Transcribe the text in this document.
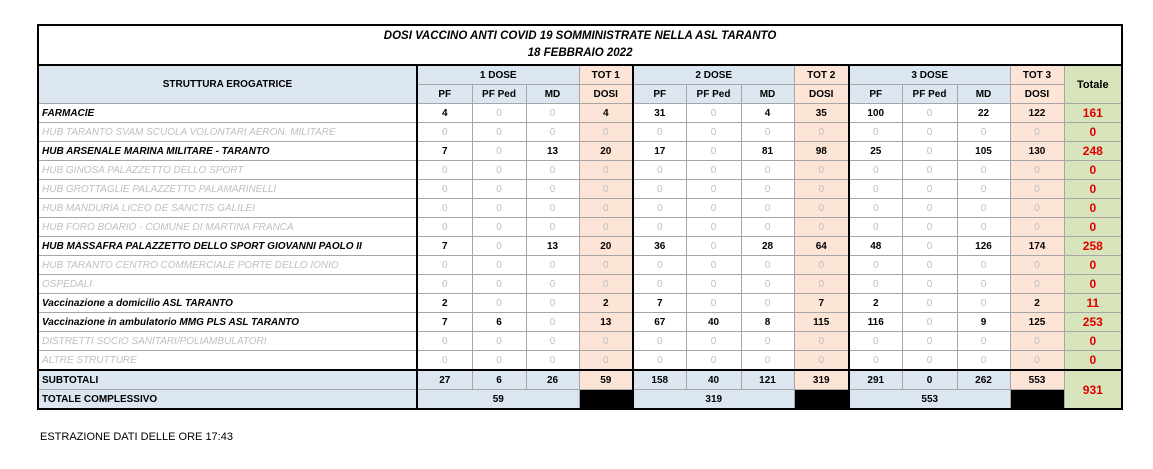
DOSI VACCINO ANTI COVID 19 SOMMINISTRATE NELLA ASL TARANTO
18 FEBBRAIO 2022													

STRUTTURA EROGATRICE	1 DOSE			TOT 1	2 DOSE			TOT 2	3 DOSE			TOT 3	Totale
	PF	PF Ped	MD	DOSI	PF	PF Ped	MD	DOSI	PF	PF Ped	MD	DOSI	
FARMACIE	4	0	0	4	31	0	4	35	100	0	22	122	161
HUB TARANTO SVAM SCUOLA VOLONTARI AERON. MILITARE	0	0	0	0	0	0	0	0	0	0	0	0	0
HUB ARSENALE MARINA MILITARE - TARANTO	7	0	13	20	17	0	81	98	25	0	105	130	248
HUB GINOSA PALAZZETTO DELLO SPORT	0	0	0	0	0	0	0	0	0	0	0	0	0
HUB GROTTAGLIE PALAZZETTO PALAMARINELLI	0	0	0	0	0	0	0	0	0	0	0	0	0
HUB MANDURIA LICEO DE SANCTIS GALILEI	0	0	0	0	0	0	0	0	0	0	0	0	0
HUB FORO BOARIO - COMUNE DI MARTINA FRANCA	0	0	0	0	0	0	0	0	0	0	0	0	0
HUB MASSAFRA PALAZZETTO DELLO SPORT GIOVANNI PAOLO II	7	0	13	20	36	0	28	64	48	0	126	174	258
HUB TARANTO CENTRO COMMERCIALE PORTE DELLO IONIO	0	0	0	0	0	0	0	0	0	0	0	0	0
OSPEDALI	0	0	0	0	0	0	0	0	0	0	0	0	0
Vaccinazione a domicilio ASL TARANTO	2	0	0	2	7	0	0	7	2	0	0	2	11
Vaccinazione in ambulatorio MMG PLS ASL TARANTO	7	6	0	13	67	40	8	115	116	0	9	125	253
DISTRETTI SOCIO SANITARI/POLIAMBULATORI	0	0	0	0	0	0	0	0	0	0	0	0	0
ALTRE STRUTTURE	0	0	0	0	0	0	0	0	0	0	0	0	0
SUBTOTALI	27	6	26	59	158	40	121	319	291	0	262	553	931
TOTALE COMPLESSIVO	59				319				553				
ESTRAZIONE DATI DELLE ORE 17:43
